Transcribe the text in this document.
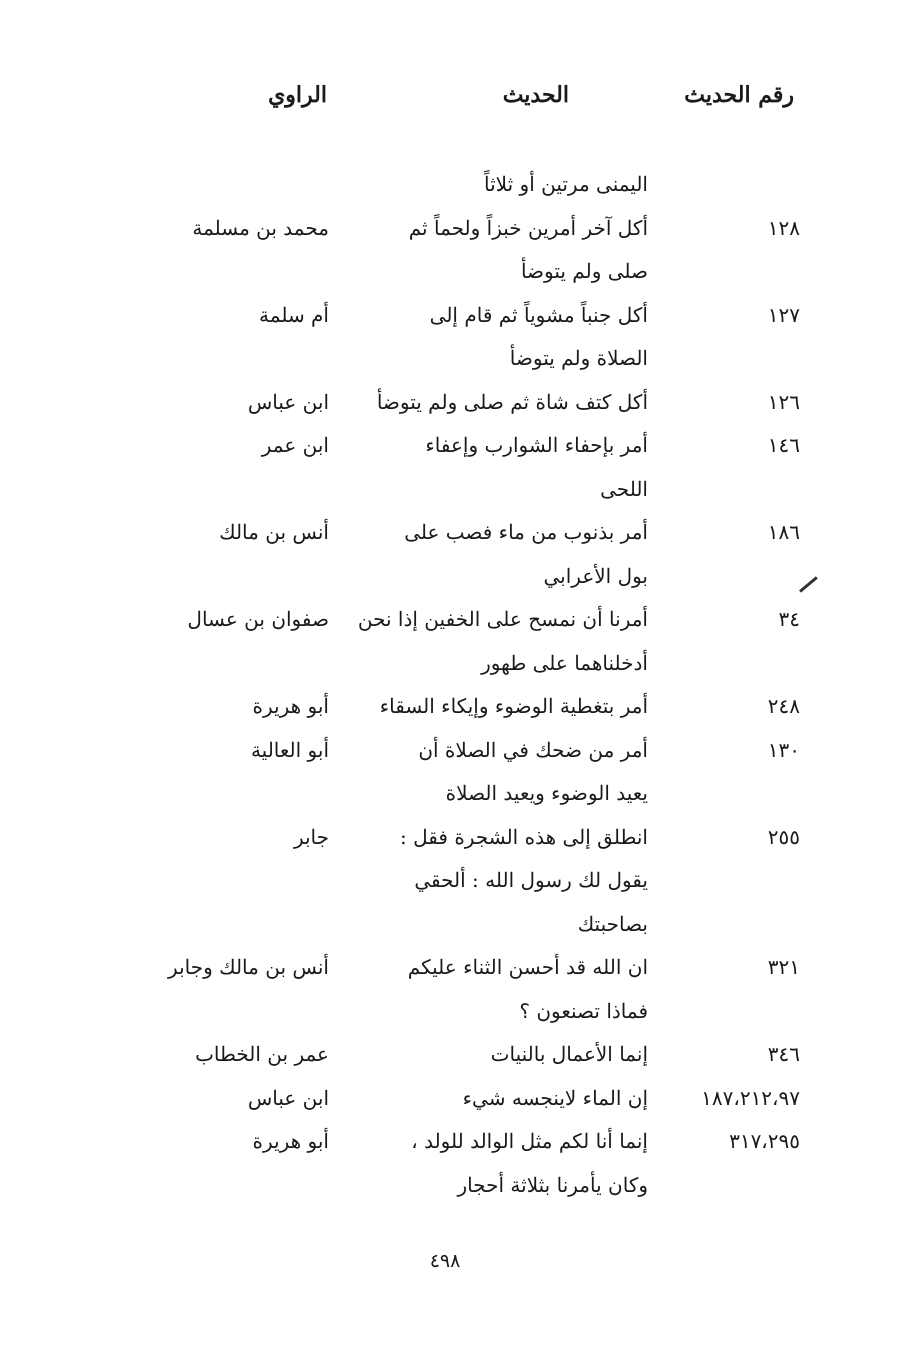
رقم الحديث
الحديث
الراوي
اليمنى مرتين أو ثلاثاً
١٢٨
أكل آخر أمرين خبزاً ولحماً ثم
محمد بن مسلمة
صلى ولم يتوضأ
١٢٧
أكل جنباً مشوياً ثم قام إلى
أم سلمة
الصلاة ولم يتوضأ
١٢٦
أكل كتف شاة ثم صلى ولم يتوضأ
ابن عباس
١٤٦
أمر بإحفاء الشوارب وإعفاء
ابن عمر
اللحى
١٨٦
أمر بذنوب من ماء فصب على
أنس بن مالك
بول الأعرابي
٣٤
أمرنا أن نمسح على الخفين إذا نحن
صفوان بن عسال
أدخلناهما على طهور
٢٤٨
أمر بتغطية الوضوء وإيكاء السقاء
أبو هريرة
١٣٠
أمر من ضحك في الصلاة أن
أبو العالية
يعيد الوضوء ويعيد الصلاة
٢٥٥
انطلق إلى هذه الشجرة فقل :
جابر
يقول لك رسول الله : ألحقي
بصاحبتك
٣٢١
ان الله قد أحسن الثناء عليكم
أنس بن مالك وجابر
فماذا تصنعون ؟
٣٤٦
إنما الأعمال بالنيات
عمر بن الخطاب
١٨٧،٢١٢،٩٧
إن الماء لاينجسه شيء
ابن عباس
٣١٧،٢٩٥
إنما أنا لكم مثل الوالد للولد ،
أبو هريرة
وكان يأمرنا بثلاثة أحجار
٤٩٨
